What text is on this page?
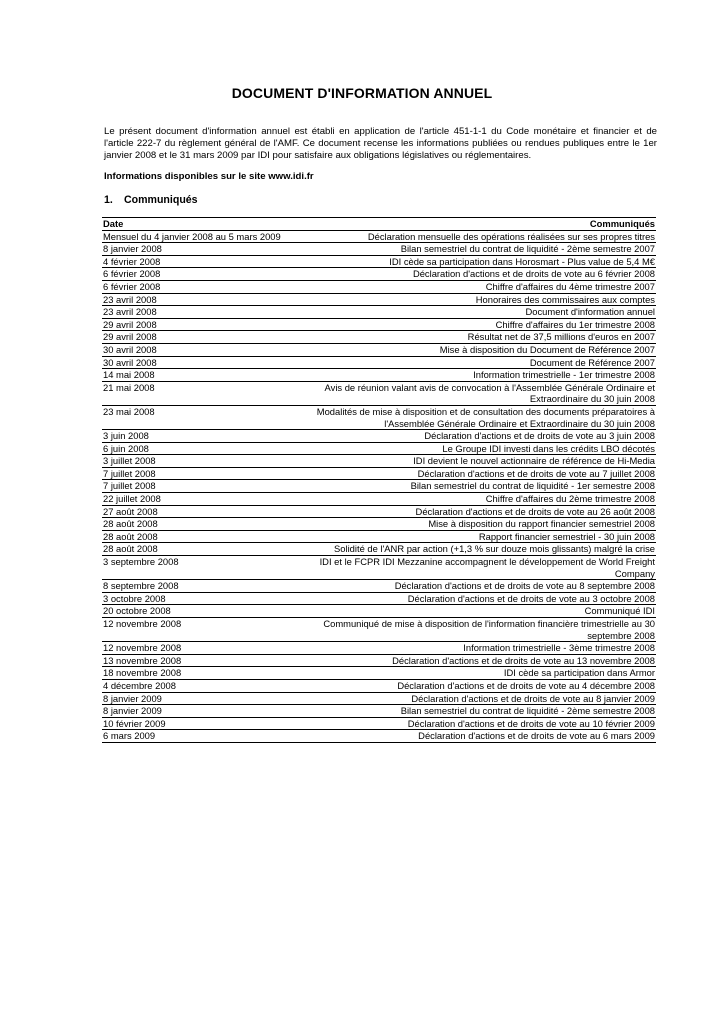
DOCUMENT D'INFORMATION ANNUEL
Le présent document d'information annuel est établi en application de l'article 451-1-1 du Code monétaire et financier et de l'article 222-7 du règlement général de l'AMF. Ce document recense les informations publiées ou rendues publiques entre le 1er janvier 2008 et le 31 mars 2009 par IDI pour satisfaire aux obligations législatives ou réglementaires.
Informations disponibles sur le site www.idi.fr
1. Communiqués
Date	Communiqués
Mensuel du 4 janvier 2008 au 5 mars 2009	Déclaration mensuelle des opérations réalisées sur ses propres titres
8 janvier 2008	Bilan semestriel du contrat de liquidité - 2ème semestre 2007
4 février 2008	IDI cède sa participation dans Horosmart - Plus value de 5,4 M€
6 février 2008	Déclaration d'actions et de droits de vote au 6 février 2008
6 février 2008	Chiffre d'affaires du 4ème trimestre 2007
23 avril 2008	Honoraires des commissaires aux comptes
23 avril 2008	Document d'information annuel
29 avril 2008	Chiffre d'affaires du 1er trimestre 2008
29 avril 2008	Résultat net de 37,5 millions d'euros en 2007
30 avril 2008	Mise à disposition du Document de Référence 2007
30 avril 2008	Document de Référence 2007
14 mai 2008	Information trimestrielle - 1er trimestre 2008
21 mai 2008	Avis de réunion valant avis de convocation à l'Assemblée Générale Ordinaire et Extraordinaire du 30 juin 2008
23 mai 2008	Modalités de mise à disposition et de consultation des documents préparatoires à l'Assemblée Générale Ordinaire et Extraordinaire du 30 juin 2008
3 juin 2008	Déclaration d'actions et de droits de vote au 3 juin 2008
6 juin 2008	Le Groupe IDI investi dans les crédits LBO décotés
3 juillet 2008	IDI devient le nouvel actionnaire de référence de Hi-Media
7 juillet 2008	Déclaration d'actions et de droits de vote au 7 juillet 2008
7 juillet 2008	Bilan semestriel du contrat de liquidité - 1er semestre 2008
22 juillet 2008	Chiffre d'affaires du 2ème trimestre 2008
27 août 2008	Déclaration d'actions et de droits de vote au 26 août 2008
28 août 2008	Mise à disposition du rapport financier semestriel 2008
28 août 2008	Rapport financier semestriel - 30 juin 2008
28 août 2008	Solidité de l'ANR par action (+1,3 % sur douze mois glissants) malgré la crise
3 septembre 2008	IDI et le FCPR IDI Mezzanine accompagnent le développement de World Freight Company
8 septembre 2008	Déclaration d'actions et de droits de vote au 8 septembre 2008
3 octobre 2008	Déclaration d'actions et de droits de vote au 3 octobre 2008
20 octobre 2008	Communiqué IDI
12 novembre 2008	Communiqué de mise à disposition de l'information financière trimestrielle au 30 septembre 2008
12 novembre 2008	Information trimestrielle - 3ème trimestre 2008
13 novembre 2008	Déclaration d'actions et de droits de vote au 13 novembre 2008
18 novembre 2008	IDI cède sa participation dans Armor
4 décembre 2008	Déclaration d'actions et de droits de vote au 4 décembre 2008
8 janvier 2009	Déclaration d'actions et de droits de vote au 8 janvier 2009
8 janvier 2009	Bilan semestriel du contrat de liquidité - 2ème semestre 2008
10 février 2009	Déclaration d'actions et de droits de vote au 10 février 2009
6 mars 2009	Déclaration d'actions et de droits de vote au 6 mars 2009
